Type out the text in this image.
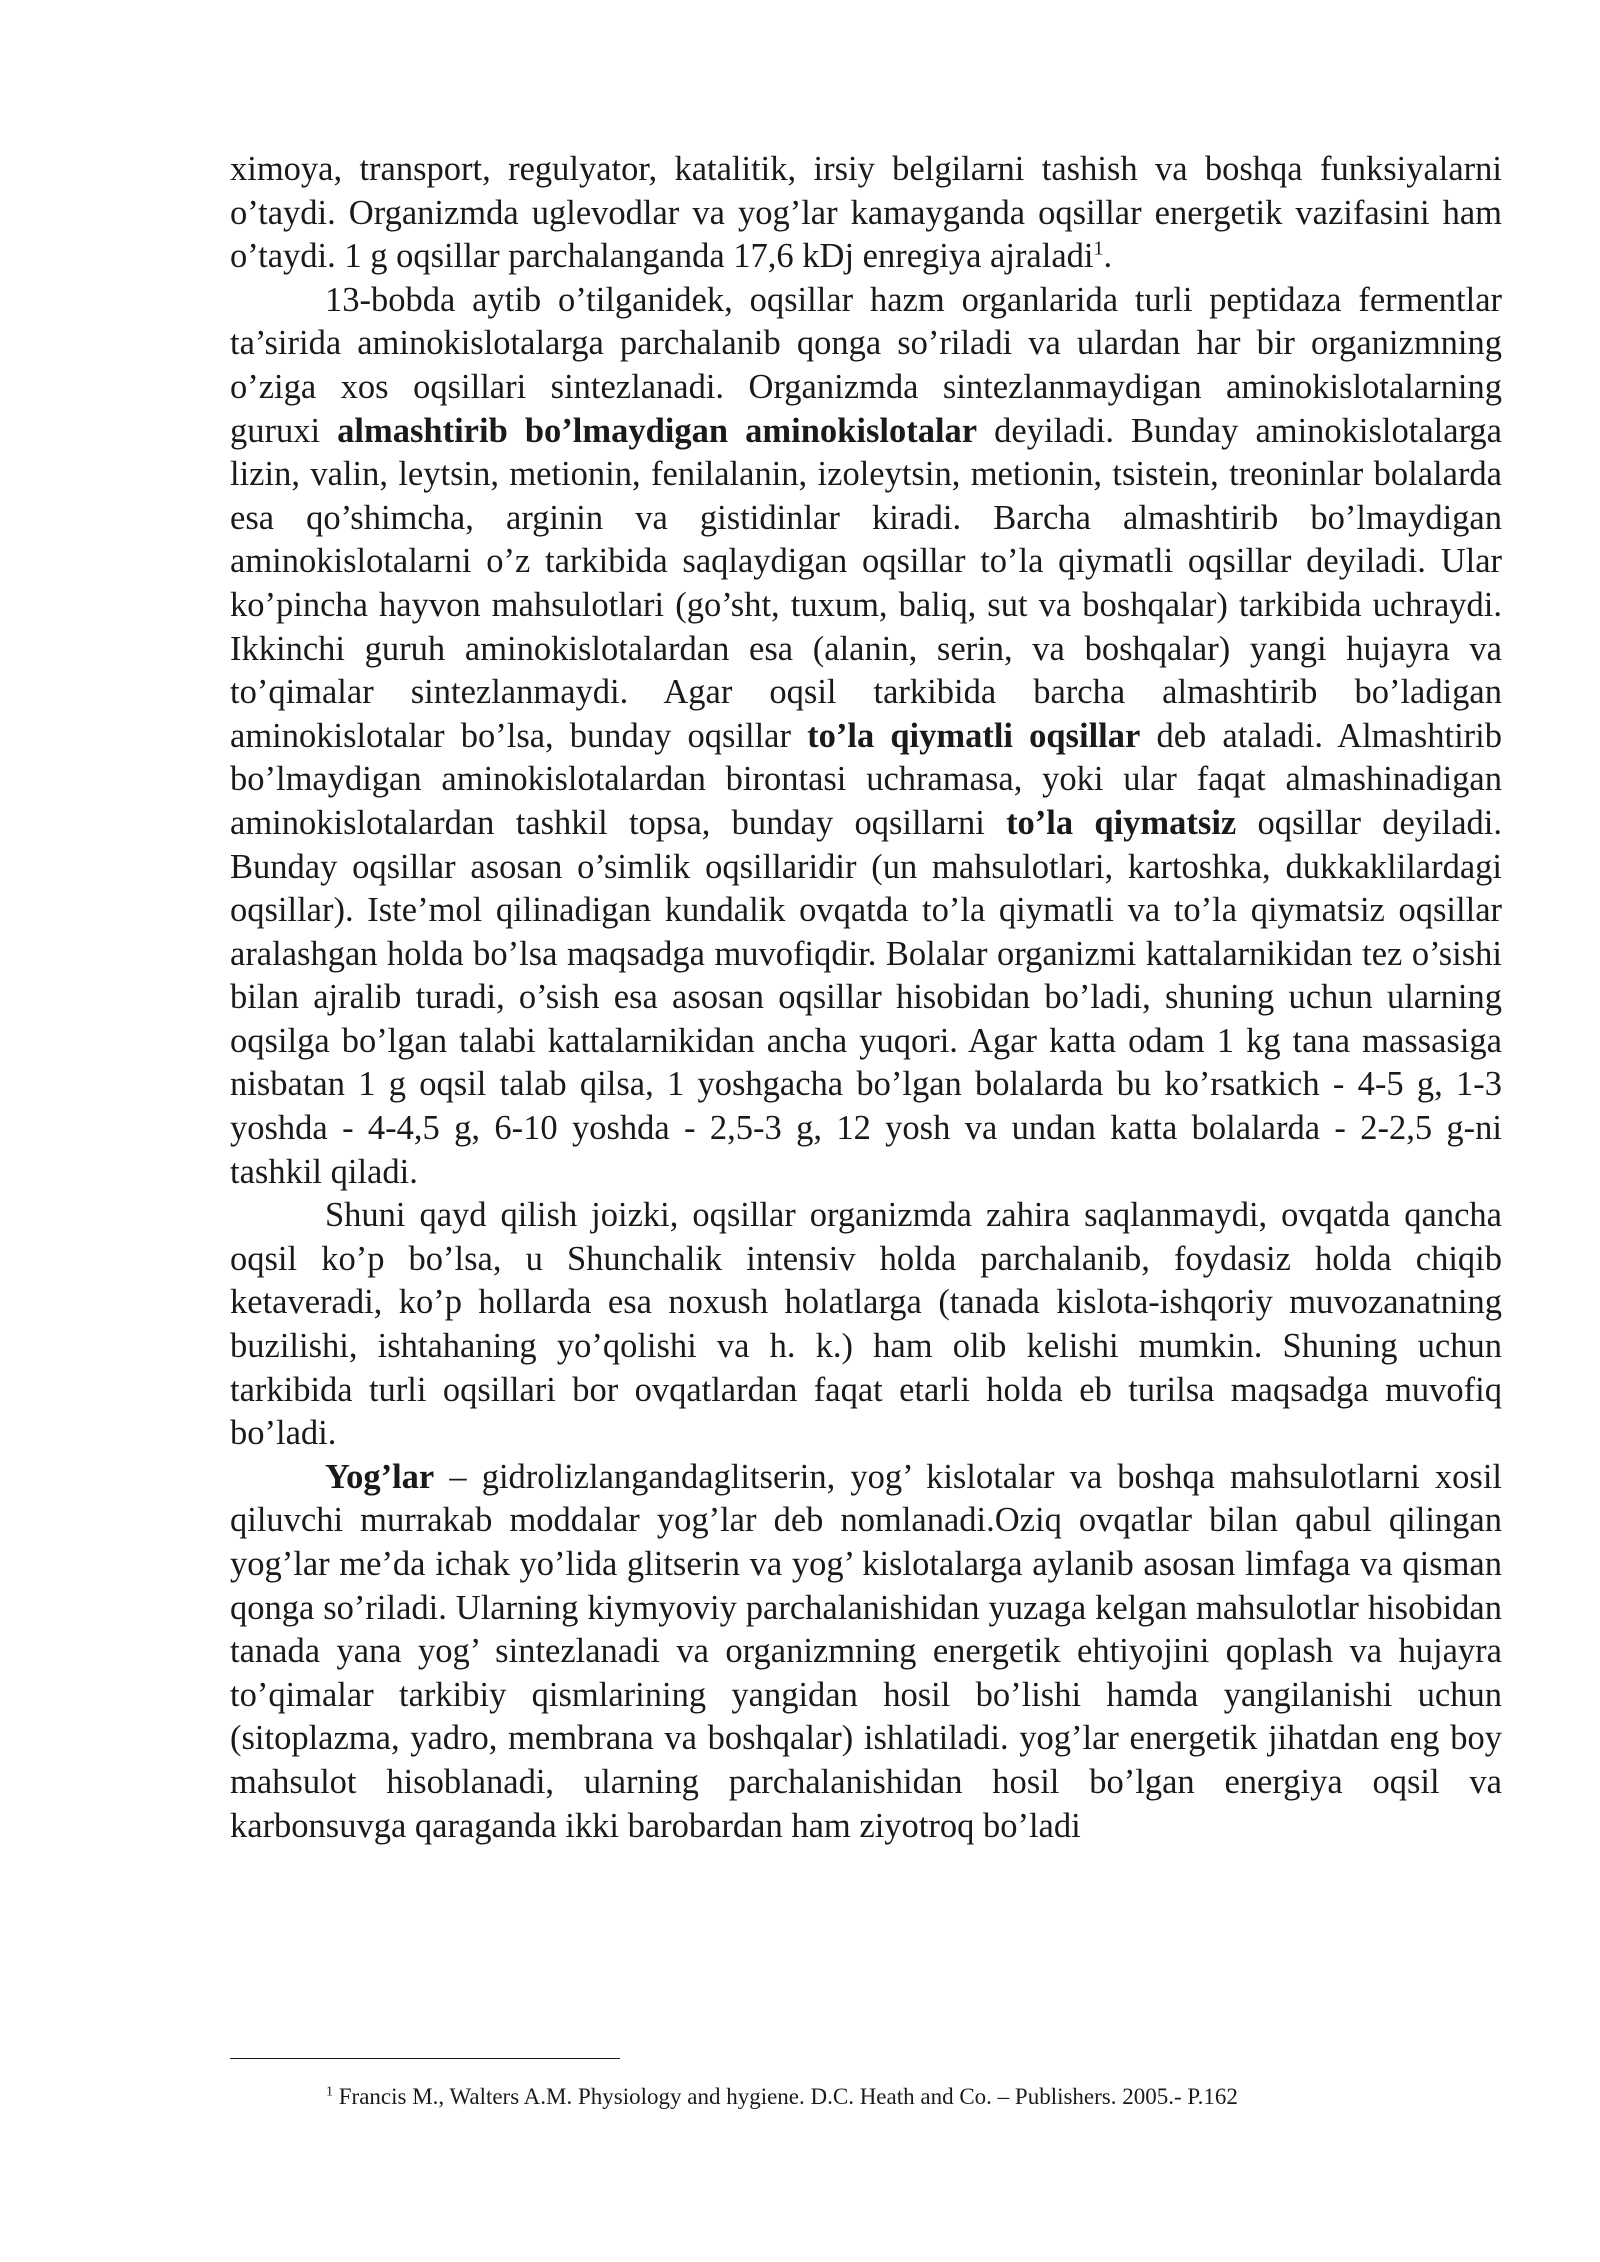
ximoya, transport, regulyator, katalitik, irsiy belgilarni tashish va boshqa funksiyalarni o’taydi. Organizmda uglevodlar va yog’lar kamayganda oqsillar energetik vazifasini ham o’taydi. 1 g oqsillar parchalanganda 17,6 kDj enregiya ajraladi$^1$.

13-bobda aytib o’tilganidek, oqsillar hazm organlarida turli peptidaza fermentlar ta’sirida aminokislotalarga parchalanib qonga so’riladi va ulardan har bir organizmning o’ziga xos oqsillari sintezlanadi. Organizmda sintezlanmaydigan aminokislotalarning guruxi almashtirib bo’lmaydigan aminokislotalar deyiladi. Bunday aminokislotalarga lizin, valin, leytsin, metionin, fenilalanin, izoleytsin, metionin, tsistein, treoninlar bolalarda esa qo’shimcha, arginin va gistidinlar kiradi. Barcha almashtirib bo’lmaydigan aminokislotalarni o’z tarkibida saqlaydigan oqsillar to’la qiymatli oqsillar deyiladi. Ular ko’pincha hayvon mahsulotlari (go’sht, tuxum, baliq, sut va boshqalar) tarkibida uchraydi. Ikkinchi guruh aminokislotalardan esa (alanin, serin, va boshqalar) yangi hujayra va to’qimalar sintezlanmaydi. Agar oqsil tarkibida barcha almashtirib bo’ladigan aminokislotalar bo’lsa, bunday oqsillar to’la qiymatli oqsillar deb ataladi. Almashtirib bo’lmaydigan aminokislotalardan birontasi uchramasa, yoki ular faqat almashinadigan aminokislotalardan tashkil topsa, bunday oqsillarni to’la qiymatsiz oqsillar deyiladi. Bunday oqsillar asosan o’simlik oqsillaridir (un mahsulotlari, kartoshka, dukkaklilardagi oqsillar). Iste’mol qilinadigan kundalik ovqatda to’la qiymatli va to’la qiymatsiz oqsillar aralashgan holda bo’lsa maqsadga muvofiqdir. Bolalar organizmi kattalarnikidan tez o’sishi bilan ajralib turadi, o’sish esa asosan oqsillar hisobidan bo’ladi, shuning uchun ularning oqsilga bo’lgan talabi kattalarnikidan ancha yuqori. Agar katta odam 1 kg tana massasiga nisbatan 1 g oqsil talab qilsa, 1 yoshgacha bo’lgan bolalarda bu ko’rsatkich - 4-5 g, 1-3 yoshda - 4-4,5 g, 6-10 yoshda - 2,5-3 g, 12 yosh va undan katta bolalarda - 2-2,5 g-ni tashkil qiladi.

Shuni qayd qilish joizki, oqsillar organizmda zahira saqlanmaydi, ovqatda qancha oqsil ko’p bo’lsa, u Shunchalik intensiv holda parchalanib, foydasiz holda chiqib ketaveradi, ko’p hollarda esa noxush holatlarga (tanada kislota-ishqoriy muvozanatning buzilishi, ishtahaning yo’qolishi va h. k.) ham olib kelishi mumkin. Shuning uchun tarkibida turli oqsillari bor ovqatlardan faqat etarli holda eb turilsa maqsadga muvofiq bo’ladi.

Yog’lar – gidrolizlangandaglitserin, yog’ kislotalar va boshqa mahsulotlarni xosil qiluvchi murrakab moddalar yog’lar deb nomlanadi.Oziq ovqatlar bilan qabul qilingan yog’lar me’da ichak yo’lida glitserin va yog’ kislotalarga aylanib asosan limfaga va qisman qonga so’riladi. Ularning kiymyoviy parchalanishidan yuzaga kelgan mahsulotlar hisobidan tanada yana yog’ sintezlanadi va organizmning energetik ehtiyojini qoplash va hujayra to’qimalar tarkibiy qismlarining yangidan hosil bo’lishi hamda yangilanishi uchun (sitoplazma, yadro, membrana va boshqalar) ishlatiladi. yog’lar energetik jihatdan eng boy mahsulot hisoblanadi, ularning parchalanishidan hosil bo’lgan energiya oqsil va karbonsuvga qaraganda ikki barobardan ham ziyotroq bo’ladi

$^1$ Francis M., Walters A.M. Physiology and hygiene. D.C. Heath and Co. – Publishers. 2005.- P.162
